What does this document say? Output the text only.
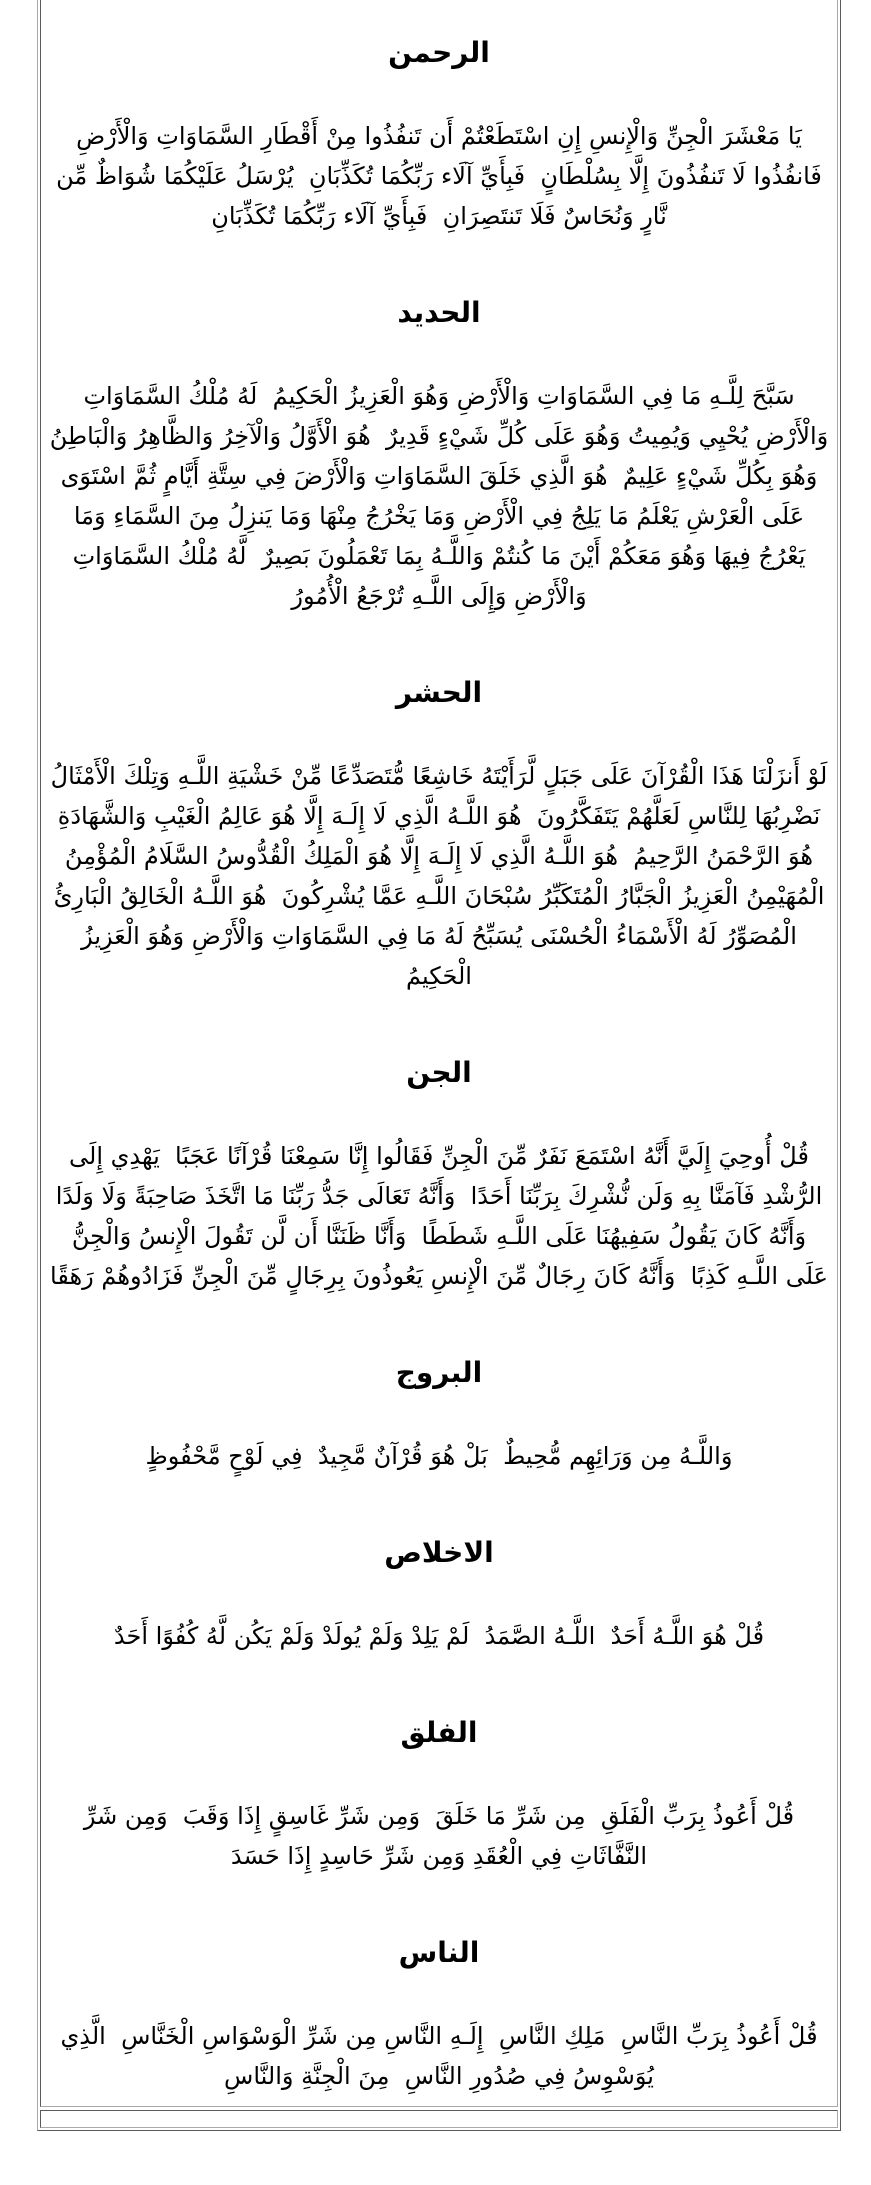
الرحمن

يَا مَعْشَرَ الْجِنِّ وَالْإِنسِ إِنِ اسْتَطَعْتُمْ أَن تَنفُذُوا مِنْ أَقْطَارِ السَّمَاوَاتِ وَالْأَرْضِ فَانفُذُوا لَا تَنفُذُونَ إِلَّا بِسُلْطَانٍ  فَبِأَيِّ آلَاء رَبِّكُمَا تُكَذِّبَانِ  يُرْسَلُ عَلَيْكُمَا شُوَاظٌ مِّن نَّارٍ وَنُحَاسٌ فَلَا تَنتَصِرَانِ  فَبِأَيِّ آلَاء رَبِّكُمَا تُكَذِّبَانِ

الحديد

سَبَّحَ لِلَّـهِ مَا فِي السَّمَاوَاتِ وَالْأَرْضِ وَهُوَ الْعَزِيزُ الْحَكِيمُ  لَهُ مُلْكُ السَّمَاوَاتِ وَالْأَرْضِ يُحْيِي وَيُمِيتُ وَهُوَ عَلَى كُلِّ شَيْءٍ قَدِيرٌ  هُوَ الْأَوَّلُ وَالْآخِرُ وَالظَّاهِرُ وَالْبَاطِنُ وَهُوَ بِكُلِّ شَيْءٍ عَلِيمٌ  هُوَ الَّذِي خَلَقَ السَّمَاوَاتِ وَالْأَرْضَ فِي سِتَّةِ أَيَّامٍ ثُمَّ اسْتَوَى عَلَى الْعَرْشِ يَعْلَمُ مَا يَلِجُ فِي الْأَرْضِ وَمَا يَخْرُجُ مِنْهَا وَمَا يَنزِلُ مِنَ السَّمَاءِ وَمَا يَعْرُجُ فِيهَا وَهُوَ مَعَكُمْ أَيْنَ مَا كُنتُمْ وَاللَّـهُ بِمَا تَعْمَلُونَ بَصِيرٌ  لَّهُ مُلْكُ السَّمَاوَاتِ وَالْأَرْضِ وَإِلَى اللَّـهِ تُرْجَعُ الْأُمُورُ

الحشر

لَوْ أَنزَلْنَا هَذَا الْقُرْآنَ عَلَى جَبَلٍ لَّرَأَيْتَهُ خَاشِعًا مُّتَصَدِّعًا مِّنْ خَشْيَةِ اللَّـهِ وَتِلْكَ الْأَمْثَالُ نَضْرِبُهَا لِلنَّاسِ لَعَلَّهُمْ يَتَفَكَّرُونَ  هُوَ اللَّـهُ الَّذِي لَا إِلَـهَ إِلَّا هُوَ عَالِمُ الْغَيْبِ وَالشَّهَادَةِ هُوَ الرَّحْمَنُ الرَّحِيمُ  هُوَ اللَّـهُ الَّذِي لَا إِلَـهَ إِلَّا هُوَ الْمَلِكُ الْقُدُّوسُ السَّلَامُ الْمُؤْمِنُ الْمُهَيْمِنُ الْعَزِيزُ الْجَبَّارُ الْمُتَكَبِّرُ سُبْحَانَ اللَّـهِ عَمَّا يُشْرِكُونَ  هُوَ اللَّـهُ الْخَالِقُ الْبَارِئُ الْمُصَوِّرُ لَهُ الْأَسْمَاءُ الْحُسْنَى يُسَبِّحُ لَهُ مَا فِي السَّمَاوَاتِ وَالْأَرْضِ وَهُوَ الْعَزِيزُ الْحَكِيمُ

الجن

قُلْ أُوحِيَ إِلَيَّ أَنَّهُ اسْتَمَعَ نَفَرٌ مِّنَ الْجِنِّ فَقَالُوا إِنَّا سَمِعْنَا قُرْآنًا عَجَبًا  يَهْدِي إِلَى الرُّشْدِ فَآمَنَّا بِهِ وَلَن نُّشْرِكَ بِرَبِّنَا أَحَدًا  وَأَنَّهُ تَعَالَى جَدُّ رَبِّنَا مَا اتَّخَذَ صَاحِبَةً وَلَا وَلَدًا  وَأَنَّهُ كَانَ يَقُولُ سَفِيهُنَا عَلَى اللَّـهِ شَطَطًا  وَأَنَّا ظَنَنَّا أَن لَّن تَقُولَ الْإِنسُ وَالْجِنُّ عَلَى اللَّـهِ كَذِبًا  وَأَنَّهُ كَانَ رِجَالٌ مِّنَ الْإِنسِ يَعُوذُونَ بِرِجَالٍ مِّنَ الْجِنِّ فَزَادُوهُمْ رَهَقًا

البروج

وَاللَّـهُ مِن وَرَائِهِم مُّحِيطٌ  بَلْ هُوَ قُرْآنٌ مَّجِيدٌ  فِي لَوْحٍ مَّحْفُوظٍ

الاخلاص

قُلْ هُوَ اللَّـهُ أَحَدٌ  اللَّـهُ الصَّمَدُ  لَمْ يَلِدْ وَلَمْ يُولَدْ وَلَمْ يَكُن لَّهُ كُفُوًا أَحَدٌ

الفلق

قُلْ أَعُوذُ بِرَبِّ الْفَلَقِ  مِن شَرِّ مَا خَلَقَ  وَمِن شَرِّ غَاسِقٍ إِذَا وَقَبَ  وَمِن شَرِّ النَّفَّاثَاتِ فِي الْعُقَدِ وَمِن شَرِّ حَاسِدٍ إِذَا حَسَدَ

الناس

قُلْ أَعُوذُ بِرَبِّ النَّاسِ  مَلِكِ النَّاسِ  إِلَـهِ النَّاسِ مِن شَرِّ الْوَسْوَاسِ الْخَنَّاسِ  الَّذِي يُوَسْوِسُ فِي صُدُورِ النَّاسِ  مِنَ الْجِنَّةِ وَالنَّاسِ
